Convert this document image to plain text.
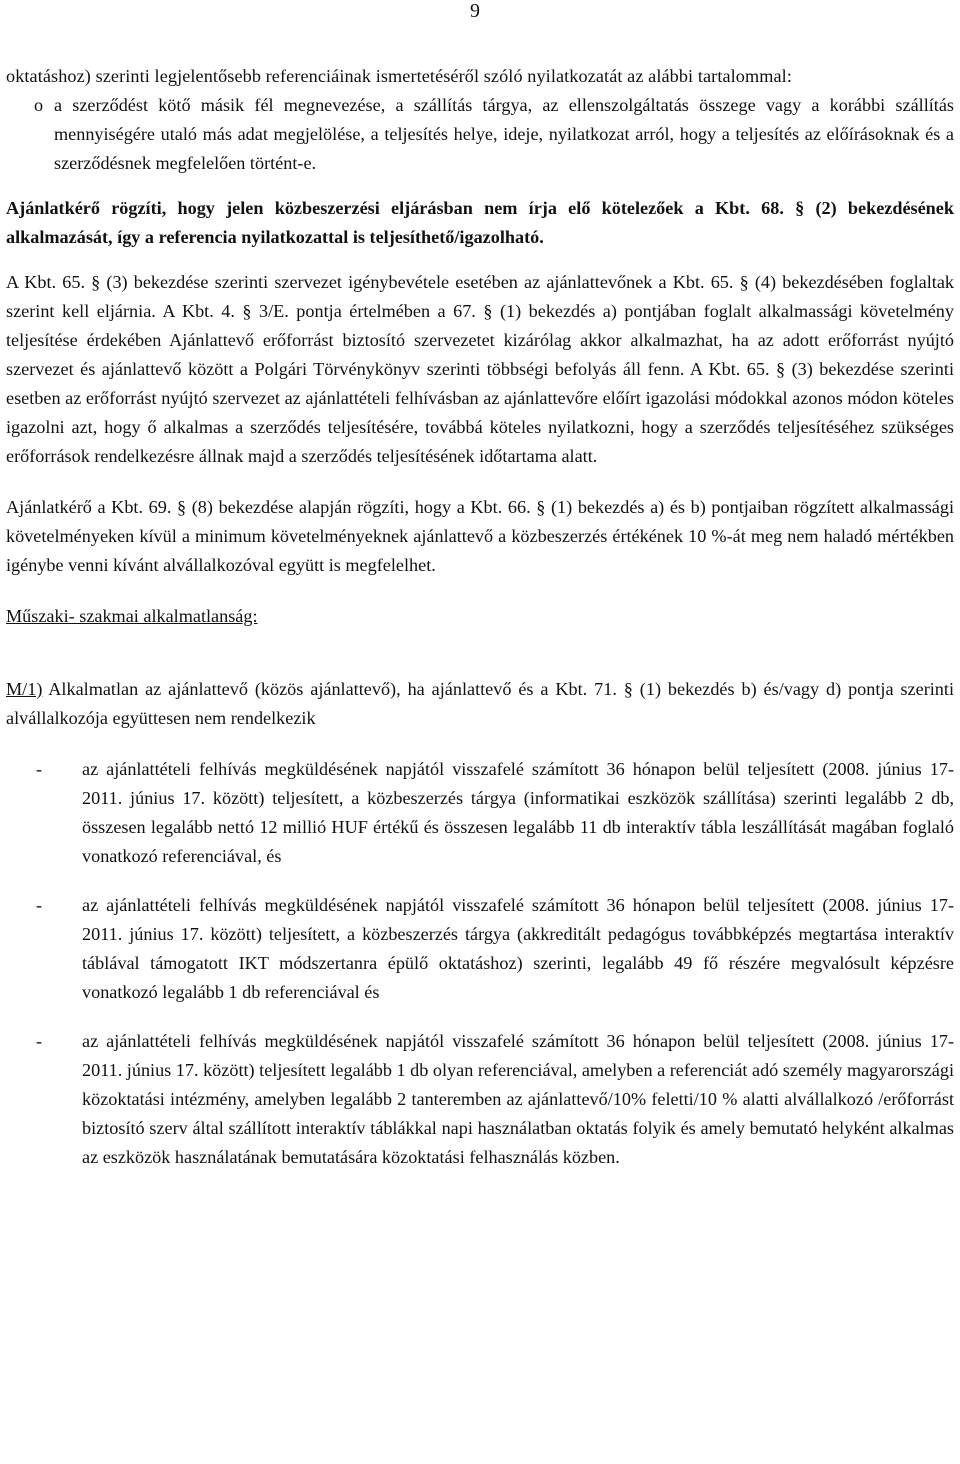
9

oktatáshoz) szerinti legjelentősebb referenciáinak ismertetéséről szóló nyilatkozatát az alábbi tartalommal:

o a szerződést kötő másik fél megnevezése, a szállítás tárgya, az ellenszolgáltatás összege vagy a korábbi szállítás mennyiségére utaló más adat megjelölése, a teljesítés helye, ideje, nyilatkozat arról, hogy a teljesítés az előírásoknak és a szerződésnek megfelelően történt-e.

Ajánlatkérő rögzíti, hogy jelen közbeszerzési eljárásban nem írja elő kötelezőek a Kbt. 68. § (2) bekezdésének alkalmazását, így a referencia nyilatkozattal is teljesíthető/igazolható.

A Kbt. 65. § (3) bekezdése szerinti szervezet igénybevétele esetében az ajánlattevőnek a Kbt. 65. § (4) bekezdésében foglaltak szerint kell eljárnia. A Kbt. 4. § 3/E. pontja értelmében a 67. § (1) bekezdés a) pontjában foglalt alkalmassági követelmény teljesítése érdekében Ajánlattevő erőforrást biztosító szervezetet kizárólag akkor alkalmazhat, ha az adott erőforrást nyújtó szervezet és ajánlattevő között a Polgári Törvénykönyv szerinti többségi befolyás áll fenn. A Kbt. 65. § (3) bekezdése szerinti esetben az erőforrást nyújtó szervezet az ajánlattételi felhívásban az ajánlattevőre előírt igazolási módokkal azonos módon köteles igazolni azt, hogy ő alkalmas a szerződés teljesítésére, továbbá köteles nyilatkozni, hogy a szerződés teljesítéséhez szükséges erőforrások rendelkezésre állnak majd a szerződés teljesítésének időtartama alatt.

Ajánlatkérő a Kbt. 69. § (8) bekezdése alapján rögzíti, hogy a Kbt. 66. § (1) bekezdés a) és b) pontjaiban rögzített alkalmassági követelményeken kívül a minimum követelményeknek ajánlattevő a közbeszerzés értékének 10 %-át meg nem haladó mértékben igénybe venni kívánt alvállalkozóval együtt is megfelelhet.

Műszaki- szakmai alkalmatlanság:

M/1) Alkalmatlan az ajánlattevő (közös ajánlattevő), ha ajánlattevő és a Kbt. 71. § (1) bekezdés b) és/vagy d) pontja szerinti alvállalkozója együttesen nem rendelkezik

-	az ajánlattételi felhívás megküldésének napjától visszafelé számított 36 hónapon belül teljesített (2008. június 17- 2011. június 17. között) teljesített, a közbeszerzés tárgya (informatikai eszközök szállítása) szerinti legalább 2 db, összesen legalább nettó 12 millió HUF értékű és összesen legalább 11 db interaktív tábla leszállítását magában foglaló vonatkozó referenciával, és
-	az ajánlattételi felhívás megküldésének napjától visszafelé számított 36 hónapon belül teljesített (2008. június 17- 2011. június 17. között) teljesített, a közbeszerzés tárgya (akkreditált pedagógus továbbképzés megtartása interaktív táblával támogatott IKT módszertanra épülő oktatáshoz) szerinti, legalább 49 fő részére megvalósult képzésre vonatkozó legalább 1 db referenciával és
-	az ajánlattételi felhívás megküldésének napjától visszafelé számított 36 hónapon belül teljesített (2008. június 17- 2011. június 17. között) teljesített legalább 1 db olyan referenciával, amelyben a referenciát adó személy magyarországi közoktatási intézmény, amelyben legalább 2 tanteremben az ajánlattevő/10% feletti/10 % alatti alvállalkozó /erőforrást biztosító szerv által szállított interaktív táblákkal napi használatban oktatás folyik és amely bemutató helyként alkalmas az eszközök használatának bemutatására közoktatási felhasználás közben.
